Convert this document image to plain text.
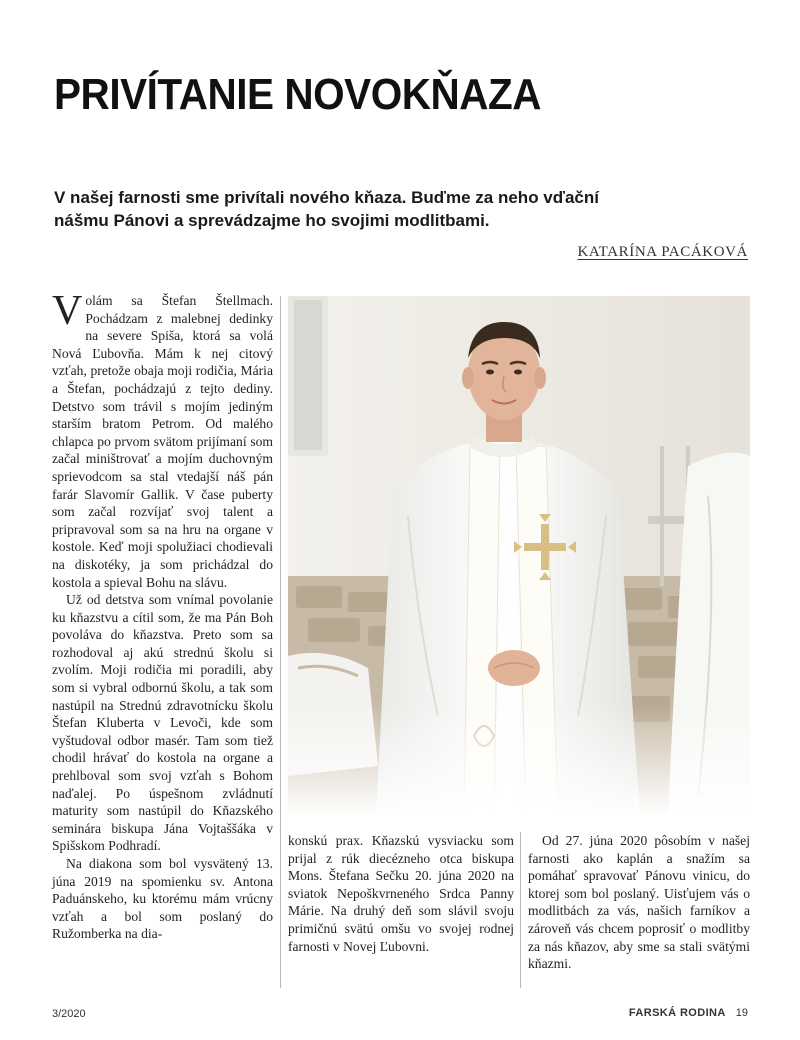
PRIVÍTANIE NOVOKŇAZA

V našej farnosti sme privítali nového kňaza. Buďme za neho vďační nášmu Pánovi a sprevádzajme ho svojimi modlitbami.

KATARÍNA PACÁKOVÁ

Volám sa Štefan Štellmach. Pochádzam z malebnej dedinky na severe Spiša, ktorá sa volá Nová Ľubovňa. Mám k nej citový vzťah, pretože obaja moji rodičia, Mária a Štefan, pochádzajú z tejto dediny. Detstvo som trávil s mojím jediným starším bratom Petrom. Od malého chlapca po prvom svätom prijímaní som začal miništrovať a mojím duchovným sprievodcom sa stal vtedajší náš pán farár Slavomír Gallik. V čase puberty som začal rozvíjať svoj talent a pripravoval som sa na hru na organe v kostole. Keď moji spolužiaci chodievali na diskotéky, ja som prichádzal do kostola a spieval Bohu na slávu.

Už od detstva som vnímal povolanie ku kňazstvu a cítil som, že ma Pán Boh povoláva do kňazstva. Preto som sa rozhodoval aj akú strednú školu si zvolím. Moji rodičia mi poradili, aby som si vybral odbornú školu, a tak som nastúpil na Strednú zdravotnícku školu Štefan Kluberta v Levoči, kde som vyštudoval odbor masér. Tam som tiež chodil hrávať do kostola na organe a prehlboval som svoj vzťah s Bohom naďalej. Po úspešnom zvládnutí maturity som nastúpil do Kňazského seminára biskupa Jána Vojtaššáka v Spišskom Podhradí.

Na diakona som bol vysvätený 13. júna 2019 na spomienku sv. Antona Paduánskeho, ku ktorému mám vrúcny vzťah a bol som poslaný do Ružomberka na dia-

konskú prax. Kňazskú vysviacku som prijal z rúk diecézneho otca biskupa Mons. Štefana Sečku 20. júna 2020 na sviatok Nepoškvrneného Srdca Panny Márie. Na druhý deň som slávil svoju primičnú svätú omšu vo svojej rodnej farnosti v Novej Ľubovni.

Od 27. júna 2020 pôsobím v našej farnosti ako kaplán a snažím sa pomáhať spravovať Pánovu vinicu, do ktorej som bol poslaný. Uisťujem vás o modlitbách za vás, našich farníkov a zároveň vás chcem poprosiť o modlitby za nás kňazov, aby sme sa stali svätými kňazmi.

3/2020	FARSKÁ RODINA 19
